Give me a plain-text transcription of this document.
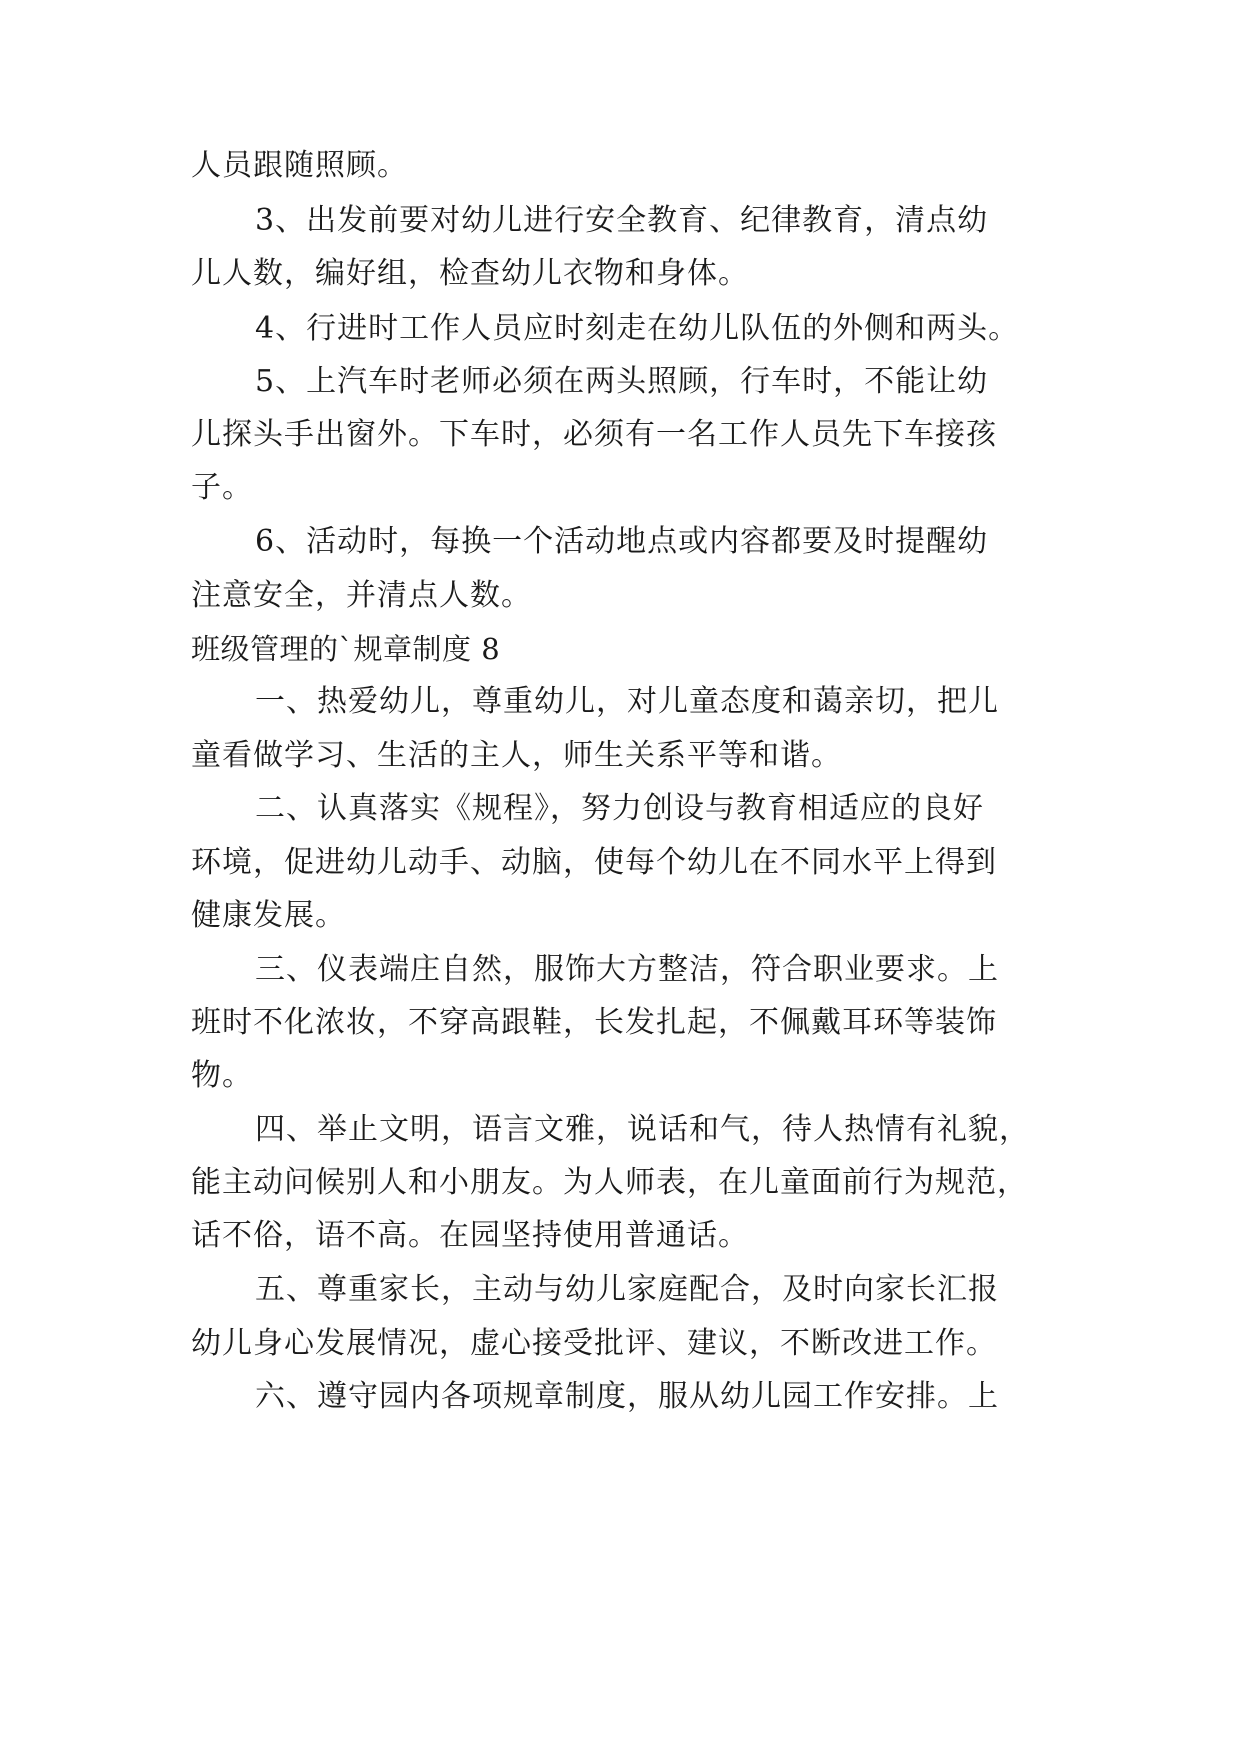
人员跟随照顾。
3、出发前要对幼儿进行安全教育、纪律教育，清点幼
儿人数，编好组，检查幼儿衣物和身体。
4、行进时工作人员应时刻走在幼儿队伍的外侧和两头。
5、上汽车时老师必须在两头照顾，行车时，不能让幼
儿探头手出窗外。下车时，必须有一名工作人员先下车接孩
子。
6、活动时，每换一个活动地点或内容都要及时提醒幼
注意安全，并清点人数。
班级管理的`规章制度 8
一、热爱幼儿，尊重幼儿，对儿童态度和蔼亲切，把儿
童看做学习、生活的主人，师生关系平等和谐。
二、认真落实《规程》，努力创设与教育相适应的良好
环境，促进幼儿动手、动脑，使每个幼儿在不同水平上得到
健康发展。
三、仪表端庄自然，服饰大方整洁，符合职业要求。上
班时不化浓妆，不穿高跟鞋，长发扎起，不佩戴耳环等装饰
物。
四、举止文明，语言文雅，说话和气，待人热情有礼貌，
能主动问候别人和小朋友。为人师表，在儿童面前行为规范，
话不俗，语不高。在园坚持使用普通话。
五、尊重家长，主动与幼儿家庭配合，及时向家长汇报
幼儿身心发展情况，虚心接受批评、建议，不断改进工作。
六、遵守园内各项规章制度，服从幼儿园工作安排。上
